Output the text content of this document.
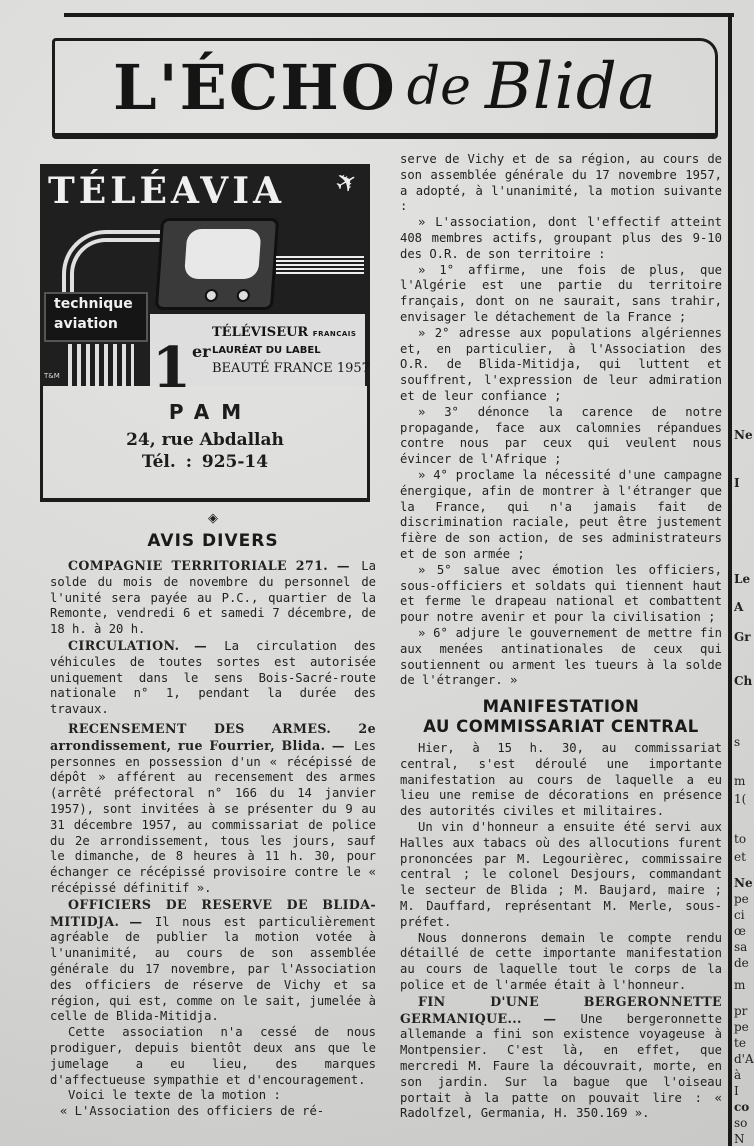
L'ÉCHO de Blida
TÉLÉAVIA ✈
technique
aviation
T&M 1er
TÉLÉVISEUR FRANCAIS
LAURÉAT DU LABEL
BEAUTÉ FRANCE 1957
PAM
24, rue Abdallah
Tél. : 925-14
◈
AVIS DIVERS

COMPAGNIE TERRITORIALE 271. — La solde du mois de novembre du personnel de l'unité sera payée au P.C., quartier de la Remonte, vendredi 6 et samedi 7 décembre, de 18 h. à 20 h.

CIRCULATION. — La circulation des véhicules de toutes sortes est autorisée uniquement dans le sens Bois-Sacré-route nationale n° 1, pendant la durée des travaux.

RECENSEMENT DES ARMES. 2e arrondissement, rue Fourrier, Blida. — Les personnes en possession d'un « récépissé de dépôt » afférent au recensement des armes (arrêté préfectoral n° 166 du 14 janvier 1957), sont invitées à se présenter du 9 au 31 décembre 1957, au commissariat de police du 2e arrondissement, tous les jours, sauf le dimanche, de 8 heures à 11 h. 30, pour échanger ce récépissé provisoire contre le « récépissé définitif ».

OFFICIERS DE RESERVE DE BLIDA-MITIDJA. — Il nous est particulièrement agréable de publier la motion votée à l'unanimité, au cours de son assemblée générale du 17 novembre, par l'Association des officiers de réserve de Vichy et sa région, qui est, comme on le sait, jumelée à celle de Blida-Mitidja.

Cette association n'a cessé de nous prodiguer, depuis bientôt deux ans que le jumelage a eu lieu, des marques d'affectueuse sympathie et d'encouragement.

Voici le texte de la motion :

« L'Association des officiers de ré-

serve de Vichy et de sa région, au cours de son assemblée générale du 17 novembre 1957, a adopté, à l'unanimité, la motion suivante :

» L'association, dont l'effectif atteint 408 membres actifs, groupant plus des 9-10 des O.R. de son territoire :

» 1° affirme, une fois de plus, que l'Algérie est une partie du territoire français, dont on ne saurait, sans trahir, envisager le détachement de la France ;

» 2° adresse aux populations algériennes et, en particulier, à l'Association des O.R. de Blida-Mitidja, qui luttent et souffrent, l'expression de leur admiration et de leur confiance ;

» 3° dénonce la carence de notre propagande, face aux calomnies répandues contre nous par ceux qui veulent nous évincer de l'Afrique ;

» 4° proclame la nécessité d'une campagne énergique, afin de montrer à l'étranger que la France, qui n'a jamais fait de discrimination raciale, peut être justement fière de son action, de ses administrateurs et de son armée ;

» 5° salue avec émotion les officiers, sous-officiers et soldats qui tiennent haut et ferme le drapeau national et combattent pour notre avenir et pour la civilisation ;

» 6° adjure le gouvernement de mettre fin aux menées antinationales de ceux qui soutiennent ou arment les tueurs à la solde de l'étranger. »

MANIFESTATION
AU COMMISSARIAT CENTRAL

Hier, à 15 h. 30, au commissariat central, s'est déroulé une importante manifestation au cours de laquelle a eu lieu une remise de décorations en présence des autorités civiles et militaires.

Un vin d'honneur a ensuite été servi aux Halles aux tabacs où des allocutions furent prononcées par M. Legourièrec, commissaire central ; le colonel Desjours, commandant le secteur de Blida ; M. Baujard, maire ; M. Dauffard, représentant M. Merle, sous-préfet.

Nous donnerons demain le compte rendu détaillé de cette importante manifestation au cours de laquelle tout le corps de la police et de l'armée était à l'honneur.

FIN D'UNE BERGERONNETTE GERMANIQUE... — Une bergeronnette allemande a fini son existence voyageuse à Montpensier. C'est là, en effet, que mercredi M. Faure la découvrait, morte, en son jardin. Sur la bague que l'oiseau portait à la patte on pouvait lire : « Radolfzel, Germania, H. 350.169 ».

Ne
I
Le
A
Gr
Ch
s
m
1(
to
et
Ne
pe
ci
œ
sa
de
m
pr
pe
te
d'A
à
I
co
so
N
